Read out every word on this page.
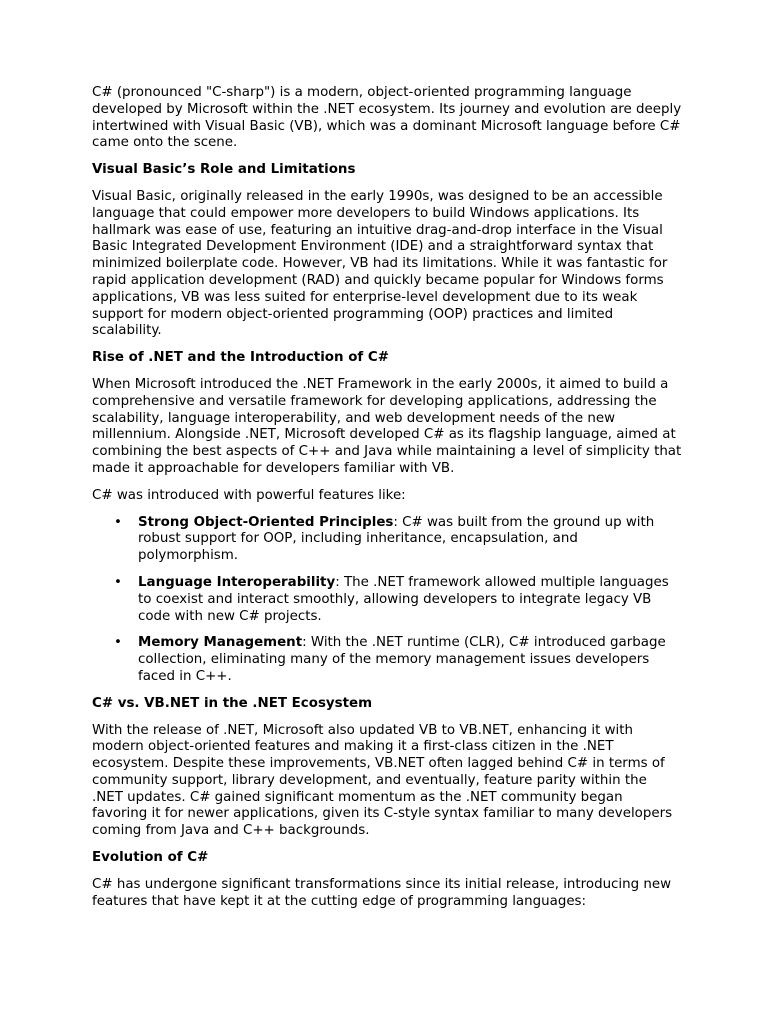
C# (pronounced "C-sharp") is a modern, object-oriented programming language developed by Microsoft within the .NET ecosystem. Its journey and evolution are deeply intertwined with Visual Basic (VB), which was a dominant Microsoft language before C# came onto the scene.

Visual Basic’s Role and Limitations

Visual Basic, originally released in the early 1990s, was designed to be an accessible language that could empower more developers to build Windows applications. Its hallmark was ease of use, featuring an intuitive drag-and-drop interface in the Visual Basic Integrated Development Environment (IDE) and a straightforward syntax that minimized boilerplate code. However, VB had its limitations. While it was fantastic for rapid application development (RAD) and quickly became popular for Windows forms applications, VB was less suited for enterprise-level development due to its weak support for modern object-oriented programming (OOP) practices and limited scalability.

Rise of .NET and the Introduction of C#

When Microsoft introduced the .NET Framework in the early 2000s, it aimed to build a comprehensive and versatile framework for developing applications, addressing the scalability, language interoperability, and web development needs of the new millennium. Alongside .NET, Microsoft developed C# as its flagship language, aimed at combining the best aspects of C++ and Java while maintaining a level of simplicity that made it approachable for developers familiar with VB.

C# was introduced with powerful features like:

• Strong Object-Oriented Principles: C# was built from the ground up with robust support for OOP, including inheritance, encapsulation, and polymorphism.
• Language Interoperability: The .NET framework allowed multiple languages to coexist and interact smoothly, allowing developers to integrate legacy VB code with new C# projects.
• Memory Management: With the .NET runtime (CLR), C# introduced garbage collection, eliminating many of the memory management issues developers faced in C++.
C# vs. VB.NET in the .NET Ecosystem

With the release of .NET, Microsoft also updated VB to VB.NET, enhancing it with modern object-oriented features and making it a first-class citizen in the .NET ecosystem. Despite these improvements, VB.NET often lagged behind C# in terms of community support, library development, and eventually, feature parity within the .NET updates. C# gained significant momentum as the .NET community began favoring it for newer applications, given its C-style syntax familiar to many developers coming from Java and C++ backgrounds.

Evolution of C#

C# has undergone significant transformations since its initial release, introducing new features that have kept it at the cutting edge of programming languages:
